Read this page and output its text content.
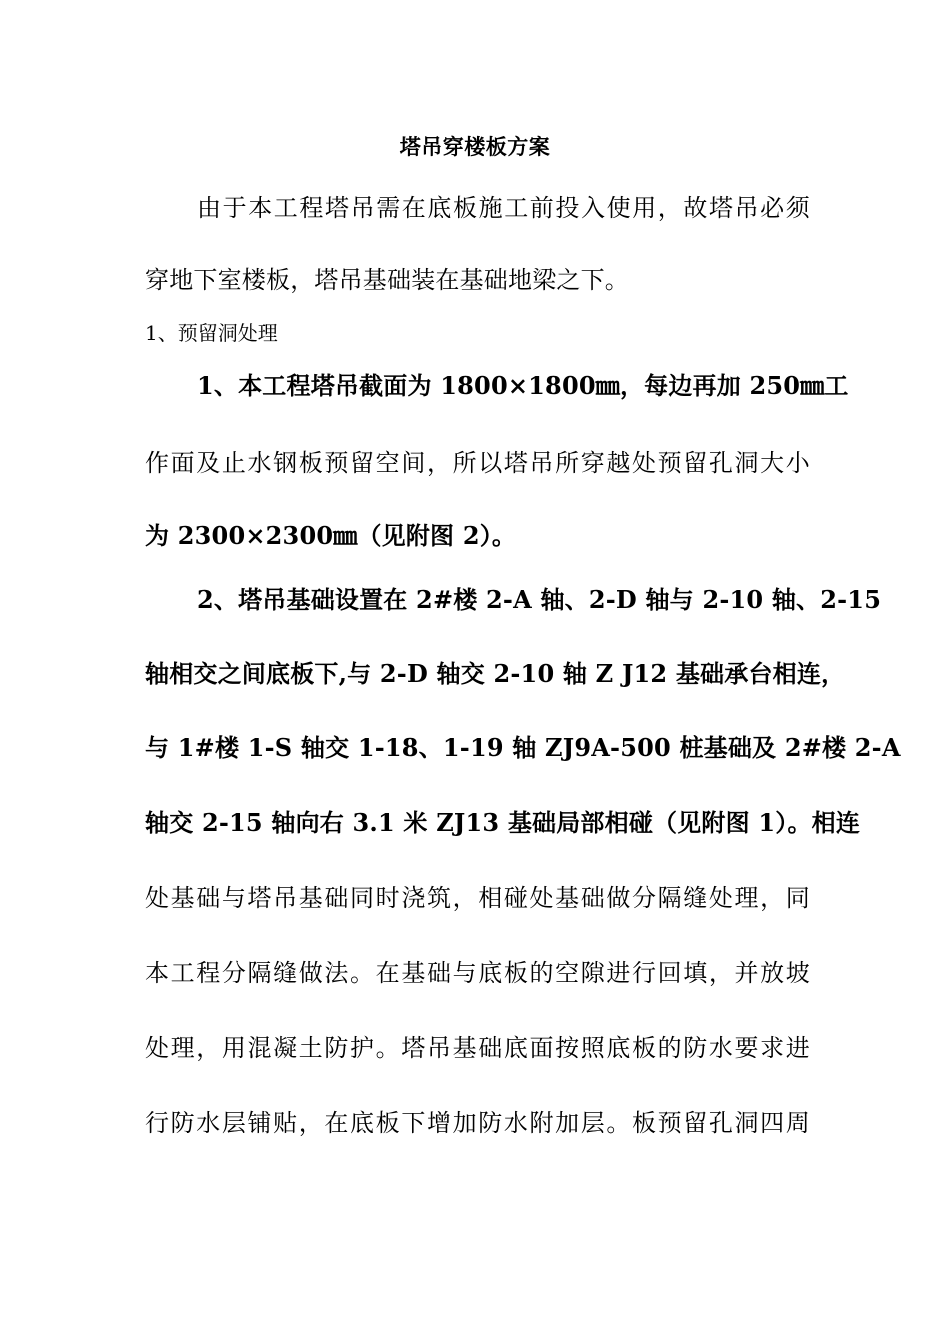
塔吊穿楼板方案
由于本工程塔吊需在底板施工前投入使用，故塔吊必须
穿地下室楼板，塔吊基础装在基础地梁之下。
1、预留洞处理
1、本工程塔吊截面为 1800×1800㎜，每边再加 250㎜工
作面及止水钢板预留空间，所以塔吊所穿越处预留孔洞大小
为 2300×2300㎜（见附图 2）。
2、塔吊基础设置在 2#楼 2-A 轴、2-D 轴与 2-10 轴、2-15
轴相交之间底板下,与 2-D 轴交 2-10 轴 Z J12 基础承台相连，
与 1#楼 1-S 轴交 1-18、1-19 轴 ZJ9A-500 桩基础及 2#楼 2-A
轴交 2-15 轴向右 3.1 米 ZJ13 基础局部相碰（见附图 1）。相连
处基础与塔吊基础同时浇筑，相碰处基础做分隔缝处理，同
本工程分隔缝做法。在基础与底板的空隙进行回填，并放坡
处理，用混凝土防护。塔吊基础底面按照底板的防水要求进
行防水层铺贴，在底板下增加防水附加层。板预留孔洞四周
